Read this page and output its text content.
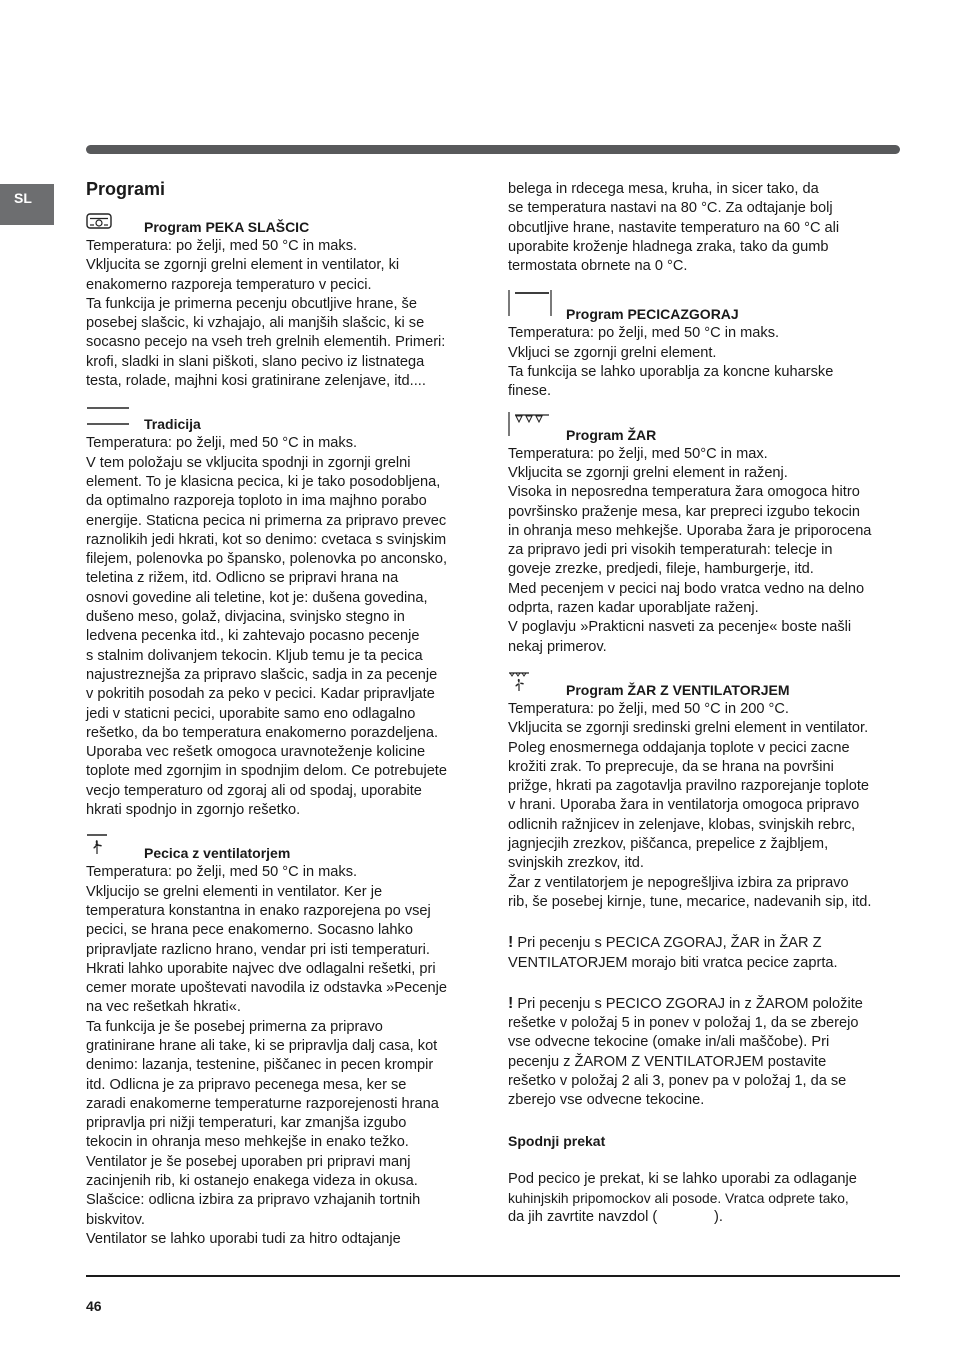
SL	Programi
Program PEKA SLAŠCIC

Temperatura: po želji, med 50 °C in maks.

Vkljucita se zgornji grelni element in ventilator, ki

enakomerno razporeja temperaturo v pecici.

Ta funkcija je primerna pecenju obcutljive hrane, še

posebej slašcic, ki vzhajajo, ali manjših slašcic, ki se

socasno pecejo na vseh treh grelnih elementih. Primeri:

krofi, sladki in slani piškoti, slano pecivo iz listnatega

testa, rolade, majhni kosi gratinirane zelenjave, itd....

Tradicija

Temperatura: po želji, med 50 °C in maks.

V tem položaju se vkljucita spodnji in zgornji grelni

element. To je klasicna pecica, ki je tako posodobljena,

da optimalno razporeja toploto in ima majhno porabo

energije. Staticna pecica ni primerna za pripravo prevec

raznolikih jedi hkrati, kot so denimo: cvetaca s svinjskim

filejem, polenovka po špansko, polenovka po anconsko,

teletina z rižem, itd. Odlicno se pripravi hrana na

osnovi govedine ali teletine, kot je: dušena govedina,

dušeno meso, golaž, divjacina, svinjsko stegno in

ledvena pecenka itd., ki zahtevajo pocasno pecenje

s stalnim dolivanjem tekocin. Kljub temu je ta pecica

najustreznejša za pripravo slašcic, sadja in za pecenje

v pokritih posodah za peko v pecici. Kadar pripravljate

jedi v staticni pecici, uporabite samo eno odlagalno

rešetko, da bo temperatura enakomerno porazdeljena.

Uporaba vec rešetk omogoca uravnoteženje kolicine

toplote med zgornjim in spodnjim delom. Ce potrebujete

vecjo temperaturo od zgoraj ali od spodaj, uporabite

hkrati spodnjo in zgornjo rešetko.

Pecica z ventilatorjem

Temperatura: po želji, med 50 °C in maks.

Vkljucijo se grelni elementi in ventilator. Ker je

temperatura konstantna in enako razporejena po vsej

pecici, se hrana pece enakomerno. Socasno lahko

pripravljate razlicno hrano, vendar pri isti temperaturi.

Hkrati lahko uporabite najvec dve odlagalni rešetki, pri

cemer morate upoštevati navodila iz odstavka »Pecenje

na vec rešetkah hkrati«.

Ta funkcija je še posebej primerna za pripravo

gratinirane hrane ali take, ki se pripravlja dalj casa, kot

denimo: lazanja, testenine, piščanec in pecen krompir

itd. Odlicna je za pripravo pecenega mesa, ker se

zaradi enakomerne temperaturne razporejenosti hrana

pripravlja pri nižji temperaturi, kar zmanjša izgubo

tekocin in ohranja meso mehkejše in enako težko.

Ventilator je še posebej uporaben pri pripravi manj

zacinjenih rib, ki ostanejo enakega videza in okusa.

Slašcice: odlicna izbira za pripravo vzhajanih tortnih

biskvitov.

Ventilator se lahko uporabi tudi za hitro odtajanje

belega in rdecega mesa, kruha, in sicer tako, da

se temperatura nastavi na 80 °C. Za odtajanje bolj

obcutljive hrane, nastavite temperaturo na 60 °C ali

uporabite kroženje hladnega zraka, tako da gumb

termostata obrnete na 0 °C.

Program PECICAZGORAJ

Temperatura: po želji, med 50 °C in maks.

Vkljuci se zgornji grelni element.

Ta funkcija se lahko uporablja za koncne kuharske

finese.

Program ŽAR

Temperatura: po želji, med 50°C in max.

Vkljucita se zgornji grelni element in raženj.

Visoka in neposredna temperatura žara omogoca hitro

površinsko praženje mesa, kar prepreci izgubo tekocin

in ohranja meso mehkejše. Uporaba žara je priporocena

za pripravo jedi pri visokih temperaturah: telecje in

goveje zrezke, predjedi, fileje, hamburgerje, itd.

Med pecenjem v pecici naj bodo vratca vedno na delno

odprta, razen kadar uporabljate raženj.

V poglavju »Prakticni nasveti za pecenje« boste našli

nekaj primerov.

Program ŽAR Z VENTILATORJEM

Temperatura: po želji, med 50 °C in 200 °C.

Vkljucita se zgornji sredinski grelni element in ventilator.

Poleg enosmernega oddajanja toplote v pecici zacne

krožiti zrak. To preprecuje, da se hrana na površini

prižge, hkrati pa zagotavlja pravilno razporejanje toplote

v hrani. Uporaba žara in ventilatorja omogoca pripravo

odlicnih ražnjicev in zelenjave, klobas, svinjskih rebrc,

jagnjecjih zrezkov, piščanca, prepelice z žajbljem,

svinjskih zrezkov, itd.

Žar z ventilatorjem je nepogrešljiva izbira za pripravo

rib, še posebej kirnje, tune, mecarice, nadevanih sip, itd.

! Pri pecenju s PECICA ZGORAJ, ŽAR in ŽAR Z

VENTILATORJEM morajo biti vratca pecice zaprta.

! Pri pecenju s PECICO ZGORAJ in z ŽAROM položite

rešetke v položaj 5 in ponev v položaj 1, da se zberejo

vse odvecne tekocine (omake in/ali maščobe). Pri

pecenju z ŽAROM Z VENTILATORJEM postavite

rešetko v položaj 2 ali 3, ponev pa v položaj 1, da se

zberejo vse odvecne tekocine.

Spodnji prekat

Pod pecico je prekat, ki se lahko uporabi za odlaganje

kuhinjskih pripomockov ali posode. Vratca odprete tako,

da jih zavrtite navzdol (              ).

46
